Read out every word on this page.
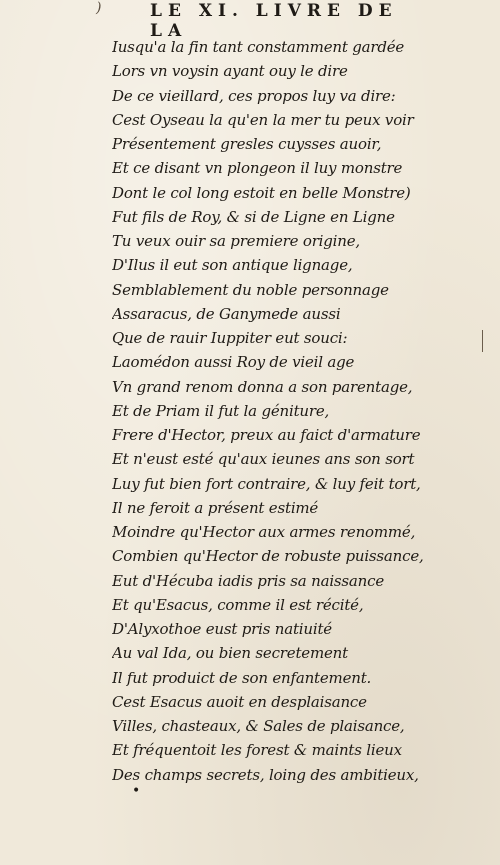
)	LE XI. LIVRE DE LA
Iusqu'a la fin tant constamment gardée
Lors vn voysin ayant ouy le dire
De ce vieillard, ces propos luy va dire:
Cest Oyseau la qu'en la mer tu peux voir
Présentement gresles cuysses auoir,
Et ce disant vn plongeon il luy monstre
Dont le col long estoit en belle Monstre)
Fut fils de Roy, & si de Ligne en Ligne
Tu veux ouir sa premiere origine,
D'Ilus il eut son antique lignage,
Semblablement du noble personnage
Assaracus, de Ganymede aussi
Que de rauir Iuppiter eut souci:
Laomédon aussi Roy de vieil age
Vn grand renom donna a son parentage,
Et de Priam il fut la géniture,
Frere d'Hector, preux au faict d'armature
Et n'eust esté qu'aux ieunes ans son sort
Luy fut bien fort contraire, & luy feit tort,
Il ne feroit a présent estimé
Moindre qu'Hector aux armes renommé,
Combien qu'Hector de robuste puissance,
Eut d'Hécuba iadis pris sa naissance
Et qu'Esacus, comme il est récité,
D'Alyxothoe eust pris natiuité
Au val Ida, ou bien secretement
Il fut produict de son enfantement.
Cest Esacus auoit en desplaisance
Villes, chasteaux, & Sales de plaisance,
Et fréquentoit les forest & maints lieux
Des champs secrets, loing des ambitieux,
•
